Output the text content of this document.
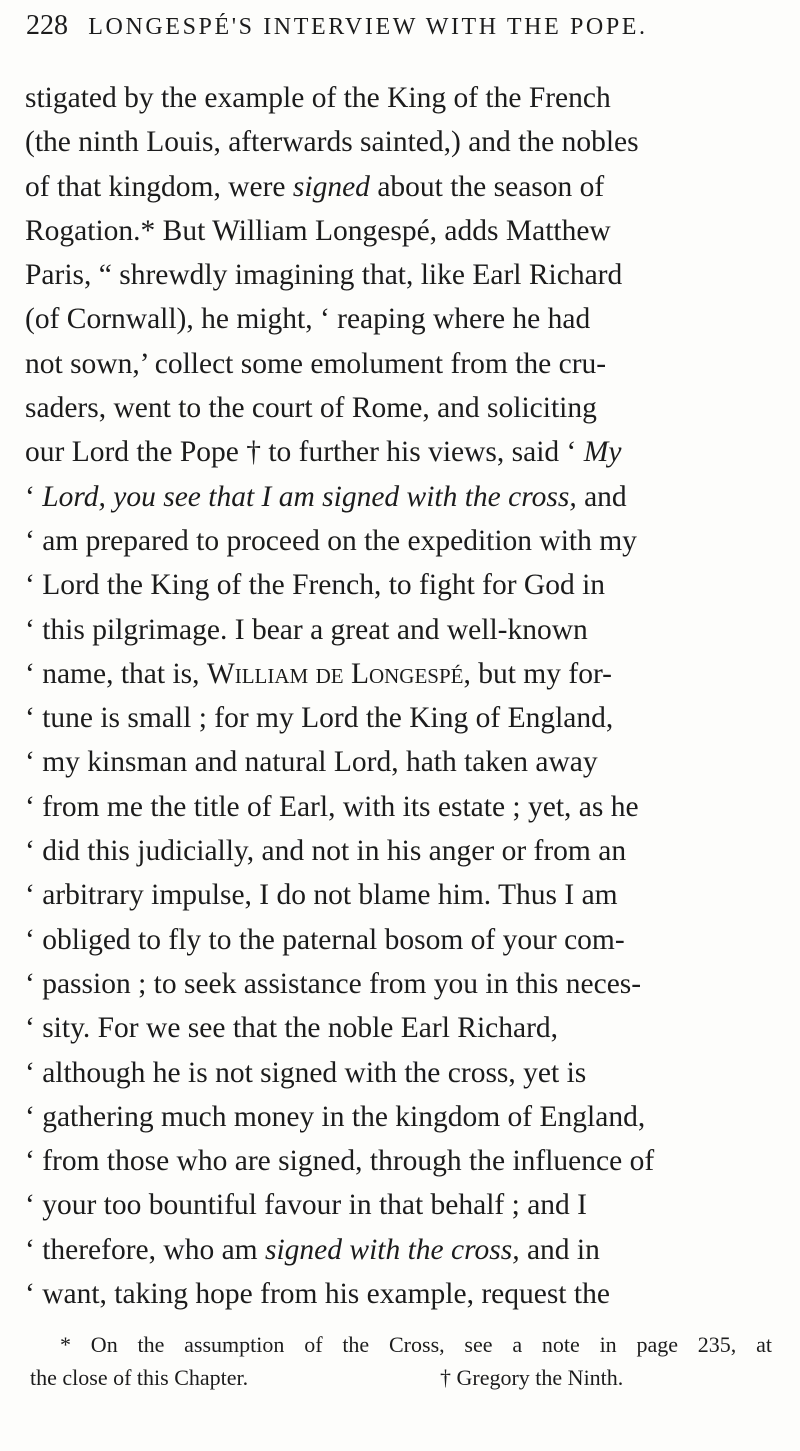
228 LONGESPÉ'S INTERVIEW WITH THE POPE.
stigated by the example of the King of the French
(the ninth Louis, afterwards sainted,) and the nobles
of that kingdom, were signed about the season of
Rogation.* But William Longespé, adds Matthew
Paris, “ shrewdly imagining that, like Earl Richard
(of Cornwall), he might, ‘ reaping where he had
not sown,’ collect some emolument from the cru-
saders, went to the court of Rome, and soliciting
our Lord the Pope † to further his views, said ‘ My
‘ Lord, you see that I am signed with the cross, and
‘ am prepared to proceed on the expedition with my
‘ Lord the King of the French, to fight for God in
‘ this pilgrimage. I bear a great and well-known
‘ name, that is, William de Longespé, but my for-
‘ tune is small ; for my Lord the King of England,
‘ my kinsman and natural Lord, hath taken away
‘ from me the title of Earl, with its estate ; yet, as he
‘ did this judicially, and not in his anger or from an
‘ arbitrary impulse, I do not blame him. Thus I am
‘ obliged to fly to the paternal bosom of your com-
‘ passion ; to seek assistance from you in this neces-
‘ sity. For we see that the noble Earl Richard,
‘ although he is not signed with the cross, yet is
‘ gathering much money in the kingdom of England,
‘ from those who are signed, through the influence of
‘ your too bountiful favour in that behalf ; and I
‘ therefore, who am signed with the cross, and in
‘ want, taking hope from his example, request the
* On the assumption of the Cross, see a note in page 235, at
the close of this Chapter.	† Gregory the Ninth.
